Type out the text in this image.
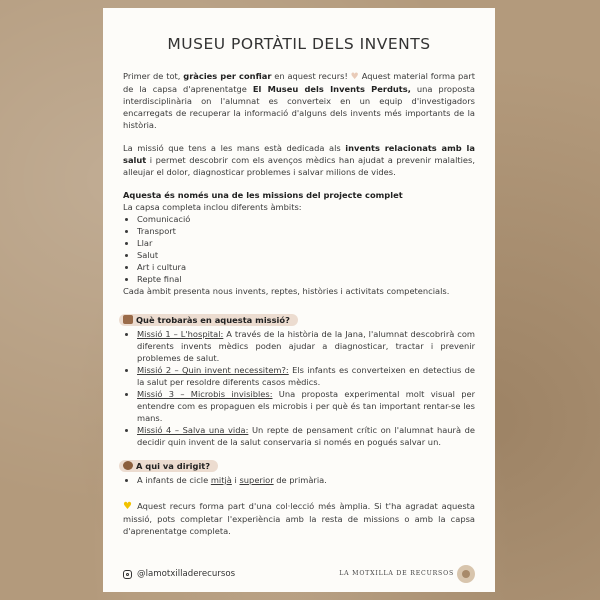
MUSEU PORTÀTIL DELS INVENTS

Primer de tot, gràcies per confiar en aquest recurs! ♥ Aquest material forma part de la capsa d'aprenentatge El Museu dels Invents Perduts, una proposta interdisciplinària on l'alumnat es converteix en un equip d'investigadors encarregats de recuperar la informació d'alguns dels invents més importants de la història.

La missió que tens a les mans està dedicada als invents relacionats amb la salut i permet descobrir com els avenços mèdics han ajudat a prevenir malalties, alleujar el dolor, diagnosticar problemes i salvar milions de vides.

Aquesta és només una de les missions del projecte complet
La capsa completa inclou diferents àmbits:
• Comunicació
• Transport
• Llar
• Salut
• Art i cultura
• Repte final

Cada àmbit presenta nous invents, reptes, històries i activitats competencials.

Què trobaràs en aquesta missió?
• Missió 1 – L'hospital: A través de la història de la Jana, l'alumnat descobrirà com diferents invents mèdics poden ajudar a diagnosticar, tractar i prevenir problemes de salut.
• Missió 2 – Quin invent necessitem?: Els infants es converteixen en detectius de la salut per resoldre diferents casos mèdics.
• Missió 3 – Microbis invisibles: Una proposta experimental molt visual per entendre com es propaguen els microbis i per què és tan important rentar-se les mans.
• Missió 4 – Salva una vida: Un repte de pensament crític on l'alumnat haurà de decidir quin invent de la salut conservaria si només en pogués salvar un.
A qui va dirigit?
• A infants de cicle mitjà i superior de primària.

♥ Aquest recurs forma part d'una col·lecció més àmplia. Si t'ha agradat aquesta missió, pots completar l'experiència amb la resta de missions o amb la capsa d'aprenentatge completa.

@lamotxilladerecursos	LA MOTXILLA DE RECURSOS
